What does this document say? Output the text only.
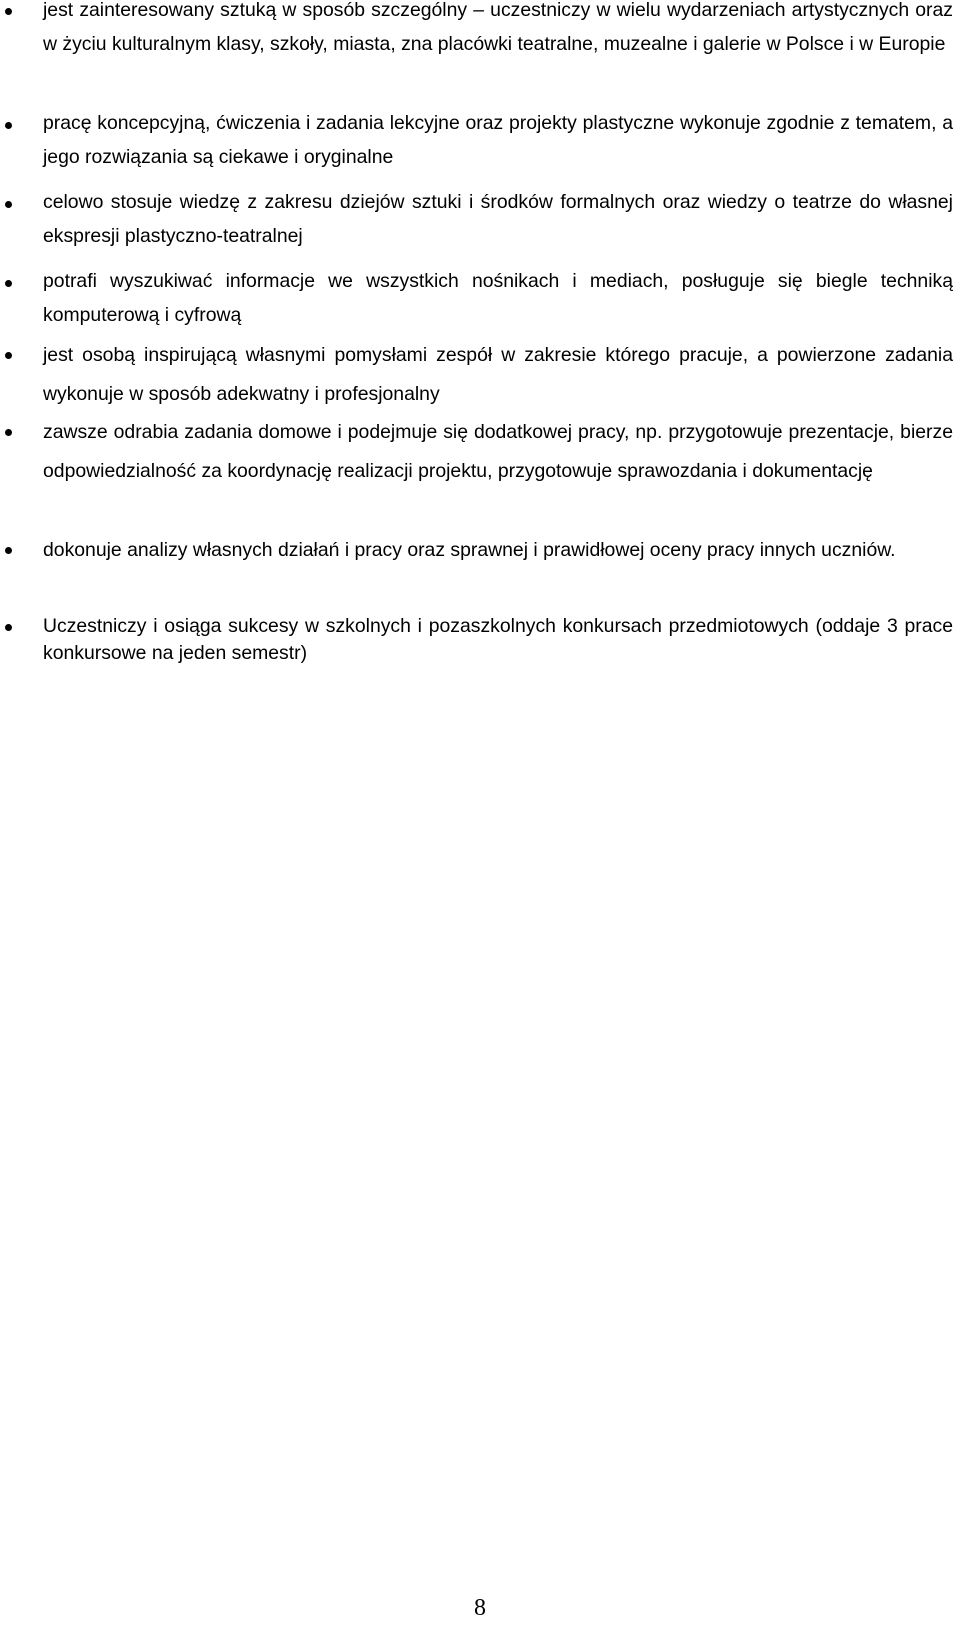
jest zainteresowany sztuką w sposób szczególny – uczestniczy w wielu wydarzeniach artystycznych oraz w życiu kulturalnym klasy, szkoły, miasta, zna placówki teatralne, muzealne i galerie w Polsce i w Europie

pracę koncepcyjną, ćwiczenia i zadania lekcyjne oraz projekty plastyczne wykonuje zgodnie z tematem, a jego rozwiązania są ciekawe i oryginalne

celowo stosuje wiedzę z zakresu dziejów sztuki i środków formalnych oraz wiedzy o teatrze do własnej ekspresji plastyczno-teatralnej

potrafi wyszukiwać informacje we wszystkich nośnikach i mediach, posługuje się biegle techniką komputerową i cyfrową

jest osobą inspirującą własnymi pomysłami zespół w zakresie którego pracuje, a powierzone zadania wykonuje w sposób adekwatny i profesjonalny

zawsze odrabia zadania domowe i podejmuje się dodatkowej pracy, np. przygotowuje prezentacje, bierze odpowiedzialność za koordynację realizacji projektu, przygotowuje sprawozdania i dokumentację

dokonuje analizy własnych działań i pracy oraz sprawnej i prawidłowej oceny pracy innych uczniów.

Uczestniczy i osiąga sukcesy w szkolnych i pozaszkolnych konkursach przedmiotowych (oddaje 3 prace konkursowe na jeden semestr)

8
